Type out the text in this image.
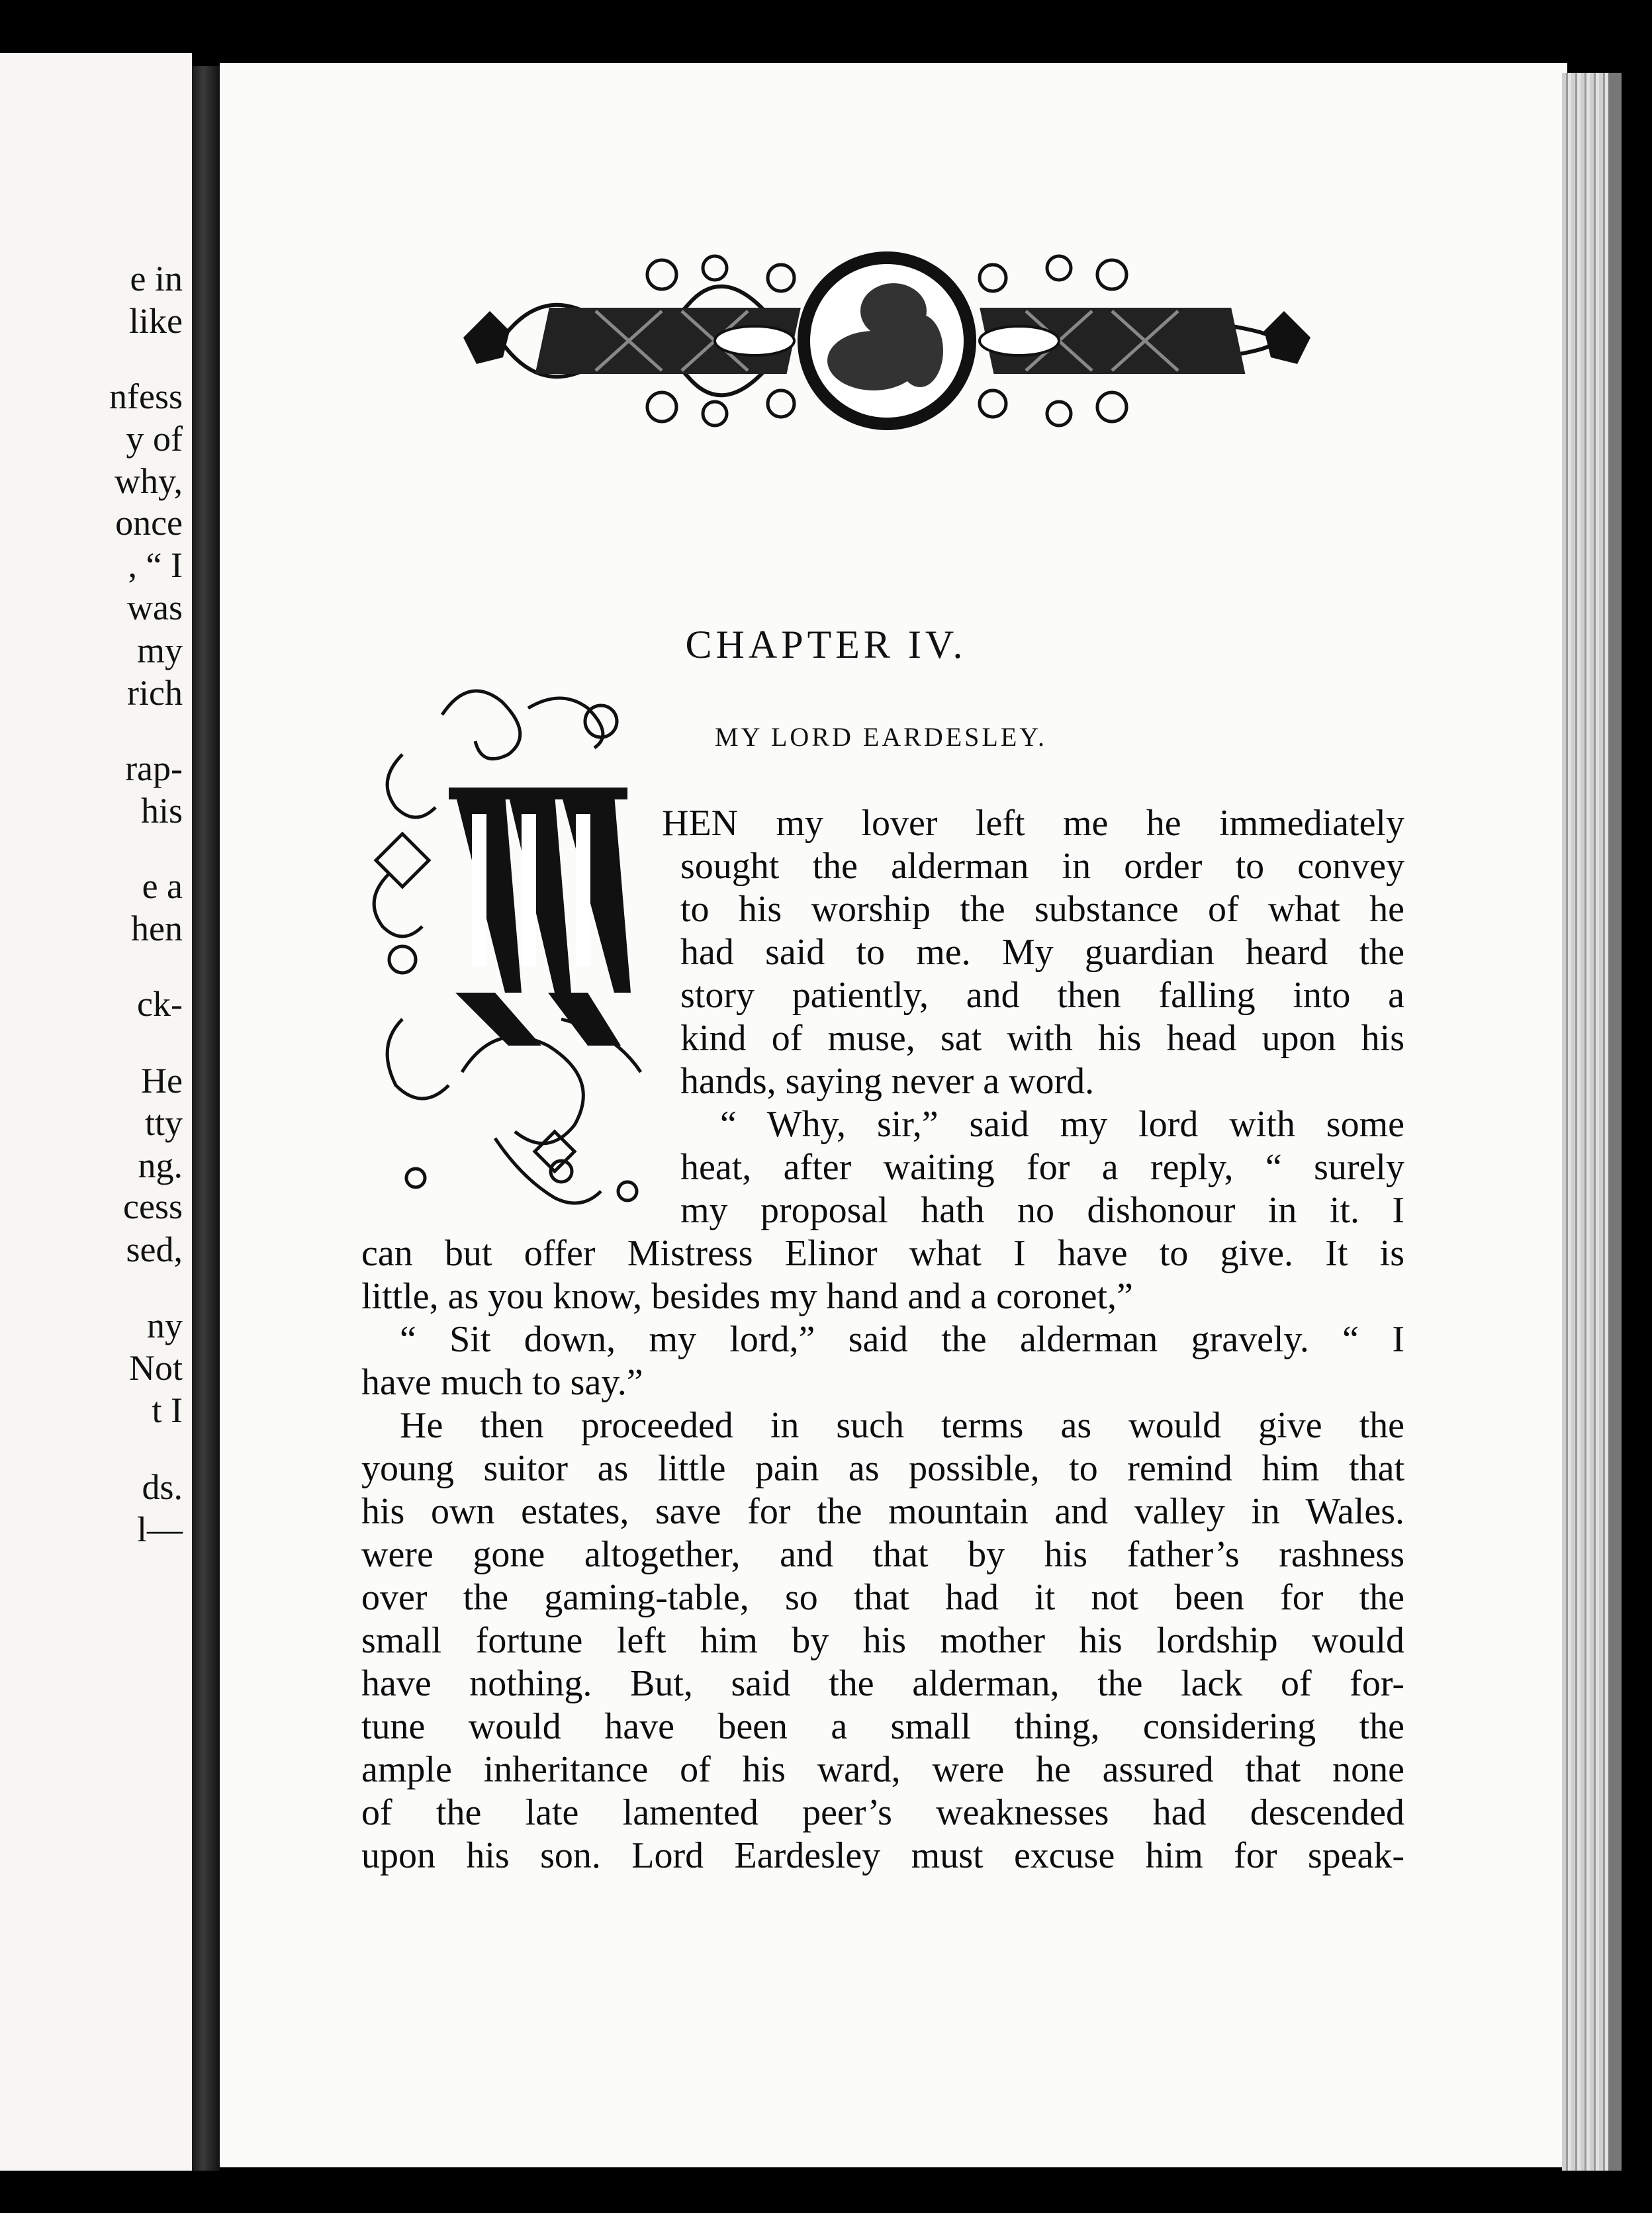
e in
like
nfess
y of
why,
once
, “ I
was
my
rich
rap-
his
e a
hen
ck-
He
tty
ng.
cess
sed,
ny
Not
t I
ds.
l—
CHAPTER IV.
MY LORD EARDESLEY.
W
HEN my lover left me he immediately
sought the alderman in order to convey
to his worship the substance of what he
had said to me. My guardian heard the
story patiently, and then falling into a
kind of muse, sat with his head upon his
hands, saying never a word.
“ Why, sir,” said my lord with some
heat, after waiting for a reply, “ surely
my proposal hath no dishonour in it. I
can but offer Mistress Elinor what I have to give. It is
little, as you know, besides my hand and a coronet,”
“ Sit down, my lord,” said the alderman gravely. “ I
have much to say.”
He then proceeded in such terms as would give the
young suitor as little pain as possible, to remind him that
his own estates, save for the mountain and valley in Wales.
were gone altogether, and that by his father’s rashness
over the gaming-table, so that had it not been for the
small fortune left him by his mother his lordship would
have nothing. But, said the alderman, the lack of for-
tune would have been a small thing, considering the
ample inheritance of his ward, were he assured that none
of the late lamented peer’s weaknesses had descended
upon his son. Lord Eardesley must excuse him for speak-
